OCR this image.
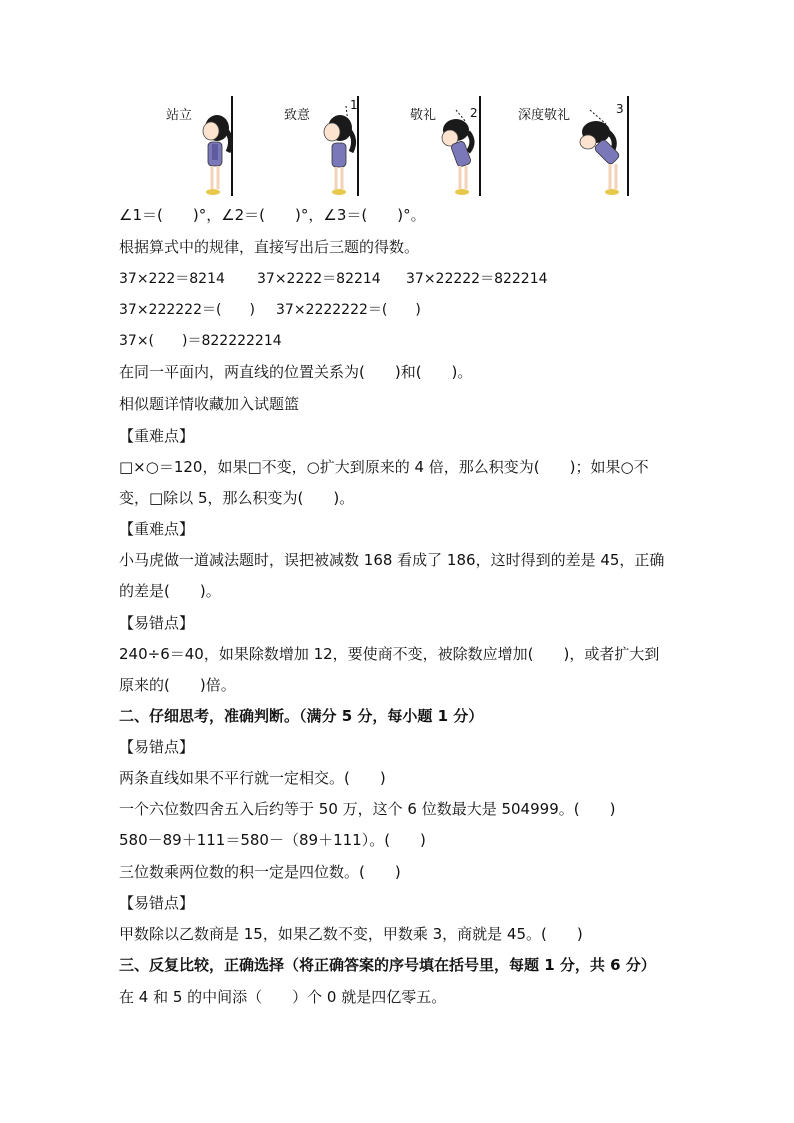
站立	致意
1
敬礼	2	深度敬礼	3
∠1＝(　　)°，∠2＝(　　)°，∠3＝(　　)°。
根据算式中的规律，直接写出后三题的得数。
37×222＝8214 37×2222＝82214 37×22222＝822214
37×222222＝(　　) 37×2222222＝(　　)
37×(　　)＝822222214
在同一平面内，两直线的位置关系为(　　)和(　　)。
相似题详情收藏加入试题篮
【重难点】
□×○＝120，如果□不变，○扩大到原来的 4 倍，那么积变为(　　)；如果○不
变，□除以 5，那么积变为(　　)。
【重难点】
小马虎做一道减法题时，误把被减数 168 看成了 186，这时得到的差是 45，正确
的差是(　　)。
【易错点】
240÷6＝40，如果除数增加 12，要使商不变，被除数应增加(　　)，或者扩大到
原来的(　　)倍。
二、仔细思考，准确判断。（满分 5 分，每小题 1 分）
【易错点】
两条直线如果不平行就一定相交。(　　)
一个六位数四舍五入后约等于 50 万，这个 6 位数最大是 504999。(　　)
580－89＋111＝580－（89＋111）。(　　)
三位数乘两位数的积一定是四位数。(　　)
【易错点】
甲数除以乙数商是 15，如果乙数不变，甲数乘 3，商就是 45。(　　)
三、反复比较，正确选择（将正确答案的序号填在括号里，每题 1 分，共 6 分）
在 4 和 5 的中间添（　　）个 0 就是四亿零五。
